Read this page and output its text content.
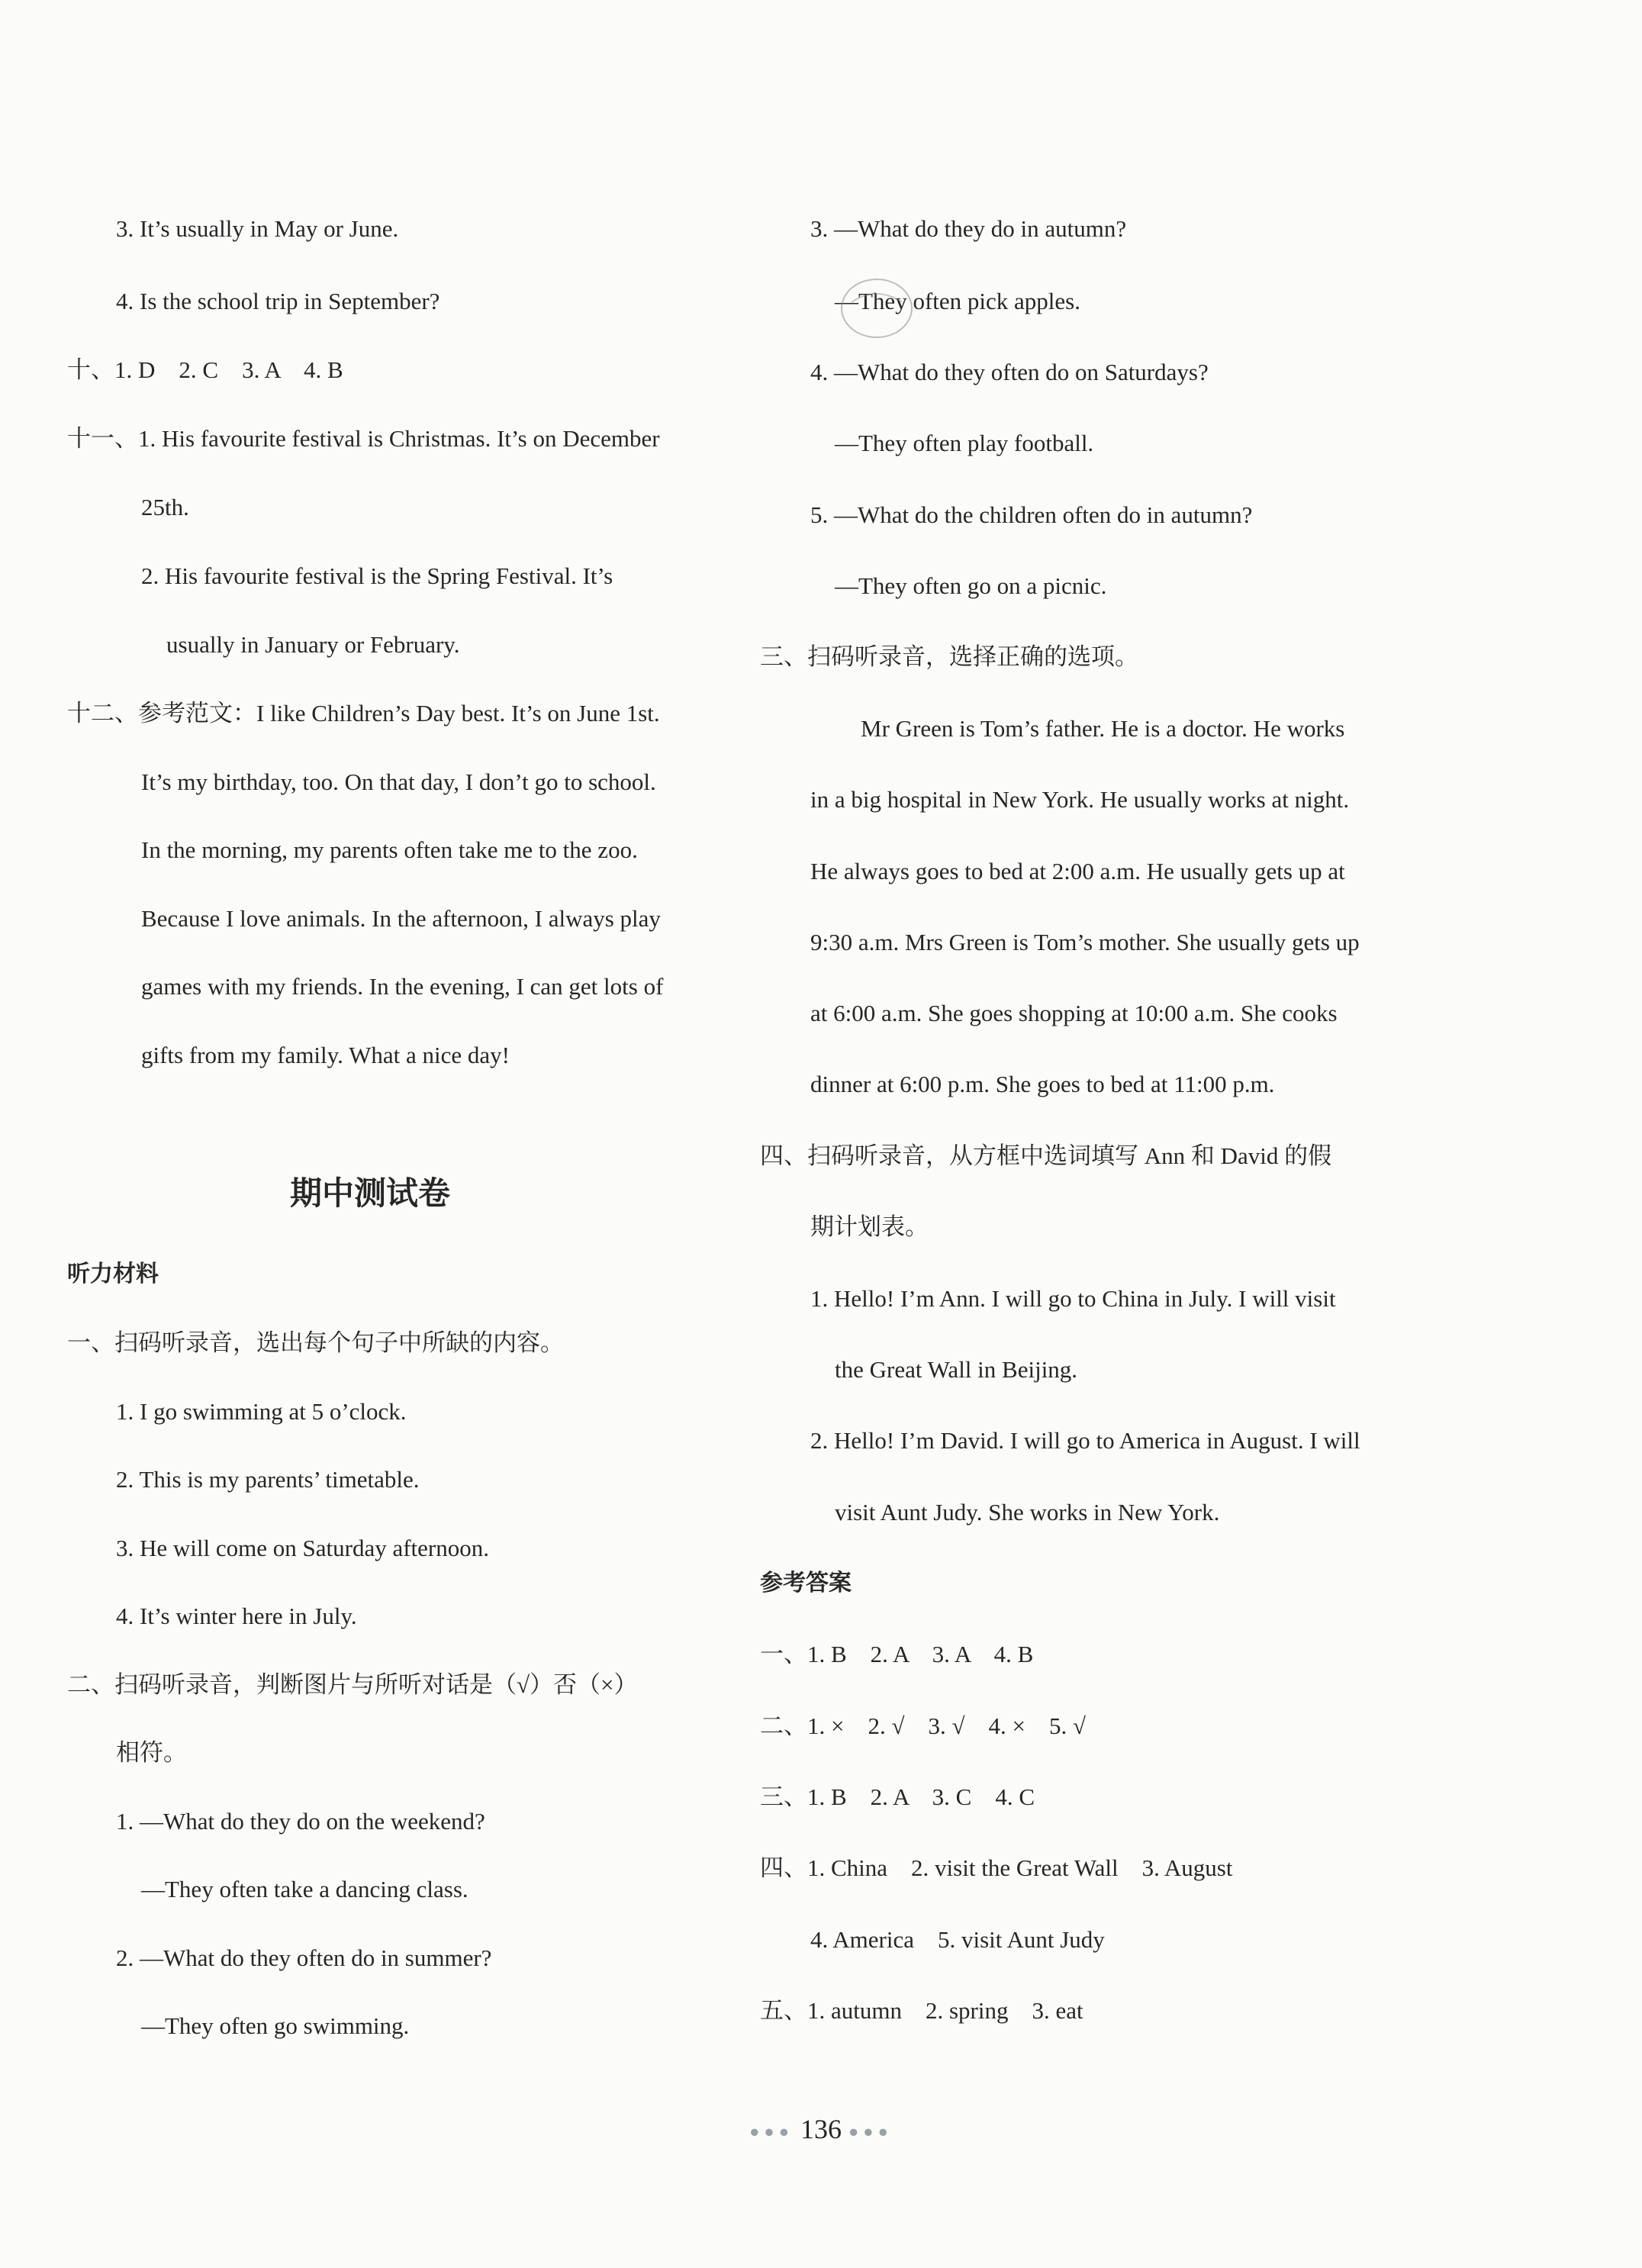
3. It’s usually in May or June.
4. Is the school trip in September?
十、1. D    2. C    3. A    4. B
十一、1. His favourite festival is Christmas. It’s on December
25th.
2. His favourite festival is the Spring Festival. It’s
usually in January or February.
十二、参考范文：I like Children’s Day best. It’s on June 1st.
It’s my birthday, too. On that day, I don’t go to school.
In the morning, my parents often take me to the zoo.
Because I love animals. In the afternoon, I always play
games with my friends. In the evening, I can get lots of
gifts from my family. What a nice day!
期中测试卷
听力材料
一、扫码听录音，选出每个句子中所缺的内容。
1. I go swimming at 5 o’clock.
2. This is my parents’ timetable.
3. He will come on Saturday afternoon.
4. It’s winter here in July.
二、扫码听录音，判断图片与所听对话是（√）否（×）
相符。
1. —What do they do on the weekend?
—They often take a dancing class.
2. —What do they often do in summer?
—They often go swimming.
3. —What do they do in autumn?
—They often pick apples.
4. —What do they often do on Saturdays?
—They often play football.
5. —What do the children often do in autumn?
—They often go on a picnic.
三、扫码听录音，选择正确的选项。
Mr Green is Tom’s father. He is a doctor. He works
in a big hospital in New York. He usually works at night.
He always goes to bed at 2:00 a.m. He usually gets up at
9:30 a.m. Mrs Green is Tom’s mother. She usually gets up
at 6:00 a.m. She goes shopping at 10:00 a.m. She cooks
dinner at 6:00 p.m. She goes to bed at 11:00 p.m.
四、扫码听录音，从方框中选词填写 Ann 和 David 的假
期计划表。
1. Hello! I’m Ann. I will go to China in July. I will visit
the Great Wall in Beijing.
2. Hello! I’m David. I will go to America in August. I will
visit Aunt Judy. She works in New York.
参考答案
一、1. B    2. A    3. A    4. B
二、1. ×    2. √    3. √    4. ×    5. √
三、1. B    2. A    3. C    4. C
四、1. China    2. visit the Great Wall    3. August
4. America    5. visit Aunt Judy
五、1. autumn    2. spring    3. eat
●●● 136 ●●●
